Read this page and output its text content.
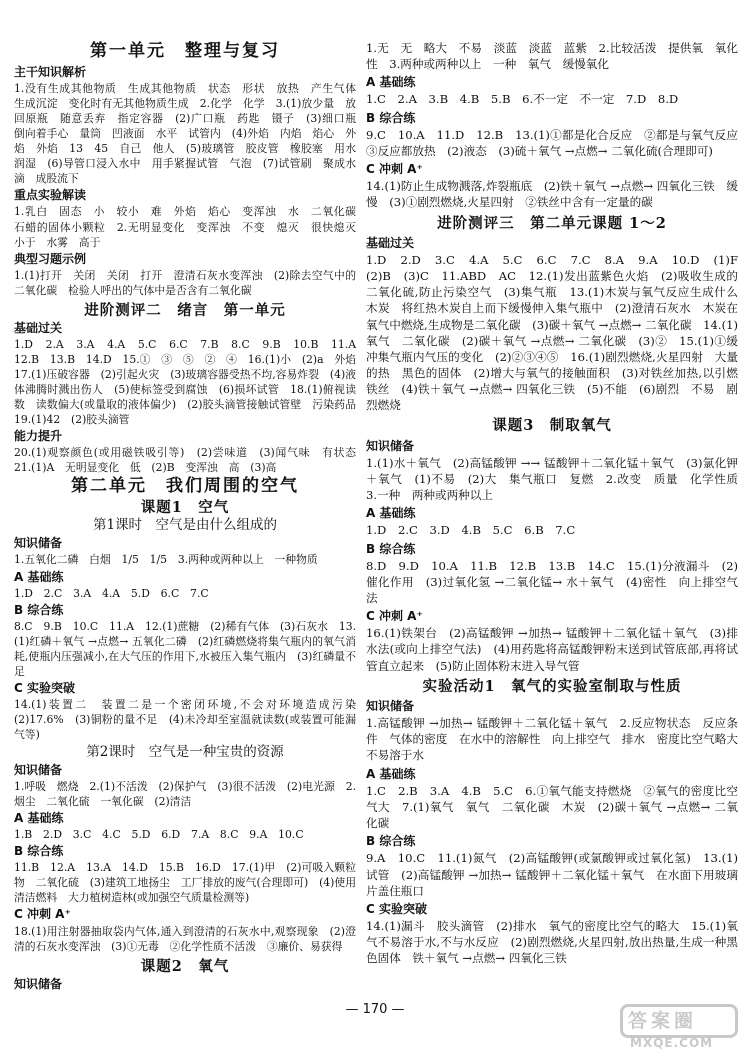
第一单元　整理与复习
主干知识解析

1.没有生成其他物质　生成其他物质　状态　形状　放热　产生气体　生成沉淀　变化时有无其他物质生成　2.化学　化学　3.(1)放少量　放回原瓶　随意丢弃　指定容器　(2)广口瓶　药匙　镊子　(3)细口瓶　倒向着手心　量筒　凹液面　水平　试管内　(4)外焰　内焰　焰心　外焰　外焰　13　45　自己　他人　(5)玻璃管　胶皮管　橡胶塞　用水润湿　(6)导管口浸入水中　用手紧握试管　气泡　(7)试管刷　聚成水滴　成股流下

重点实验解读

1.乳白　固态　小　较小　难　外焰　焰心　变浑浊　水　二氧化碳　石蜡的固体小颗粒　2.无明显变化　变浑浊　不变　熄灭　很快熄灭　小于　水雾　高于

典型习题示例

1.(1)打开　关闭　关闭　打开　澄清石灰水变浑浊　(2)除去空气中的二氧化碳　检验人呼出的气体中是否含有二氧化碳

进阶测评二　绪言　第一单元
基础过关

1.D　2.A　3.A　4.A　5.C　6.C　7.B　8.C　9.B　10.B　11.A　12.B　13.B　14.D　15.①　③　⑤　②　④　16.(1)小　(2)a　外焰　17.(1)压破容器　(2)引起火灾　(3)玻璃容器受热不均,容易炸裂　(4)液体沸腾时溅出伤人　(5)使标签受到腐蚀　(6)损坏试管　18.(1)俯视读数　读数偏大(或量取的液体偏少)　(2)胶头滴管接触试管壁　污染药品　19.(1)42　(2)胶头滴管

能力提升

20.(1)观察颜色(或用磁铁吸引等)　(2)尝味道　(3)闻气味　有状态　21.(1)A　无明显变化　低　(2)B　变浑浊　高　(3)高

第二单元　我们周围的空气
课题1　空气
第1课时　空气是由什么组成的
知识储备

1.五氧化二磷　白烟　1/5　1/5　3.两种或两种以上　一种物质

A 基础练

1.D　2.C　3.A　4.A　5.D　6.C　7.C

B 综合练

8.C　9.B　10.C　11.A　12.(1)蔗糖　(2)稀有气体　(3)石灰水　13.(1)红磷＋氧气 →点燃→ 五氧化二磷　(2)红磷燃烧将集气瓶内的氧气消耗,使瓶内压强减小,在大气压的作用下,水被压入集气瓶内　(3)红磷量不足

C 实验突破

14.(1)装置二　装置二是一个密闭环境,不会对环境造成污染　(2)17.6%　(3)铜粉的量不足　(4)未冷却至室温就读数(或装置可能漏气等)

第2课时　空气是一种宝贵的资源
知识储备

1.呼吸　燃烧　2.(1)不活泼　(2)保护气　(3)很不活泼　(2)电光源　2.烟尘　二氧化硫　一氧化碳　(2)清洁

A 基础练

1.B　2.D　3.C　4.C　5.D　6.D　7.A　8.C　9.A　10.C

B 综合练

11.B　12.A　13.A　14.D　15.B　16.D　17.(1)甲　(2)可吸入颗粒物　二氧化硫　(3)建筑工地扬尘　工厂排放的废气(合理即可)　(4)使用清洁燃料　大力植树造林(或加强空气质量检测等)

C 冲刺 A⁺

18.(1)用注射器抽取袋内气体,通入到澄清的石灰水中,观察现象　(2)澄清的石灰水变浑浊　(3)①无毒　②化学性质不活泼　③廉价、易获得

课题2　氧气
知识储备

1.无　无　略大　不易　淡蓝　淡蓝　蓝紫　2.比较活泼　提供氧　氧化性　3.两种或两种以上　一种　氧气　缓慢氧化

A 基础练

1.C　2.A　3.B　4.B　5.B　6.不一定　不一定　7.D　8.D

B 综合练

9.C　10.A　11.D　12.B　13.(1)①都是化合反应　②都是与氧气反应　③反应都放热　(2)液态　(3)硫＋氧气 →点燃→ 二氧化硫(合理即可)

C 冲刺 A⁺

14.(1)防止生成物溅落,炸裂瓶底　(2)铁＋氧气 →点燃→ 四氧化三铁　缓慢　(3)①剧烈燃烧,火星四射　②铁丝中含有一定量的碳

进阶测评三　第二单元课题 1～2
基础过关

1.D　2.D　3.C　4.A　5.C　6.C　7.C　8.A　9.A　10.D　(1)F　(2)B　(3)C　11.ABD　AC　12.(1)发出蓝紫色火焰　(2)吸收生成的二氧化硫,防止污染空气　(3)集气瓶　13.(1)木炭与氧气反应生成什么　木炭　将红热木炭自上而下缓慢伸入集气瓶中　(2)澄清石灰水　木炭在氧气中燃烧,生成物是二氧化碳　(3)碳＋氧气 →点燃→ 二氧化碳　14.(1)氧气　二氧化碳　(2)碳＋氧气 →点燃→ 二氧化碳　(3)②　15.(1)①缓冲集气瓶内气压的变化　(2)②③④⑤　16.(1)剧烈燃烧,火星四射　大量的热　黑色的固体　(2)增大与氧气的接触面积　(3)对铁丝加热,以引燃铁丝　(4)铁＋氧气 →点燃→ 四氧化三铁　(5)不能　(6)剧烈　不易　剧烈燃烧

课题3　制取氧气
知识储备

1.(1)水＋氧气　(2)高锰酸钾 →→ 锰酸钾＋二氧化锰＋氧气　(3)氯化钾＋氧气　(1)不易　(2)大　集气瓶口　复燃　2.改变　质量　化学性质　3.一种　两种或两种以上

A 基础练

1.D　2.C　3.D　4.B　5.C　6.B　7.C

B 综合练

8.D　9.D　10.A　11.B　12.B　13.B　14.C　15.(1)分液漏斗　(2)催化作用　(3)过氧化氢 →二氧化锰→ 水＋氧气　(4)密性　向上排空气法

C 冲刺 A⁺

16.(1)铁架台　(2)高锰酸钾 →加热→ 锰酸钾＋二氧化锰＋氧气　(3)排水法(或向上排空气法)　(4)用药匙将高锰酸钾粉末送到试管底部,再将试管直立起来　(5)防止固体粉末进入导气管

实验活动1　氧气的实验室制取与性质
知识储备

1.高锰酸钾 →加热→ 锰酸钾＋二氧化锰＋氧气　2.反应物状态　反应条件　气体的密度　在水中的溶解性　向上排空气　排水　密度比空气略大　不易溶于水

A 基础练

1.C　2.B　3.A　4.B　5.C　6.①氧气能支持燃烧　②氧气的密度比空气大　7.(1)氧气　氧气　二氧化碳　木炭　(2)碳＋氧气 →点燃→ 二氧化碳

B 综合练

9.A　10.C　11.(1)氮气　(2)高锰酸钾(或氯酸钾或过氧化氢)　13.(1)试管　(2)高锰酸钾 →加热→ 锰酸钾＋二氧化锰＋氧气　在水面下用玻璃片盖住瓶口

C 实验突破

14.(1)漏斗　胶头滴管　(2)排水　氧气的密度比空气的略大　15.(1)氧气不易溶于水,不与水反应　(2)剧烈燃烧,火星四射,放出热量,生成一种黑色固体　铁＋氧气 →点燃→ 四氧化三铁

— 170 —
答案圈
MXQE.COM
